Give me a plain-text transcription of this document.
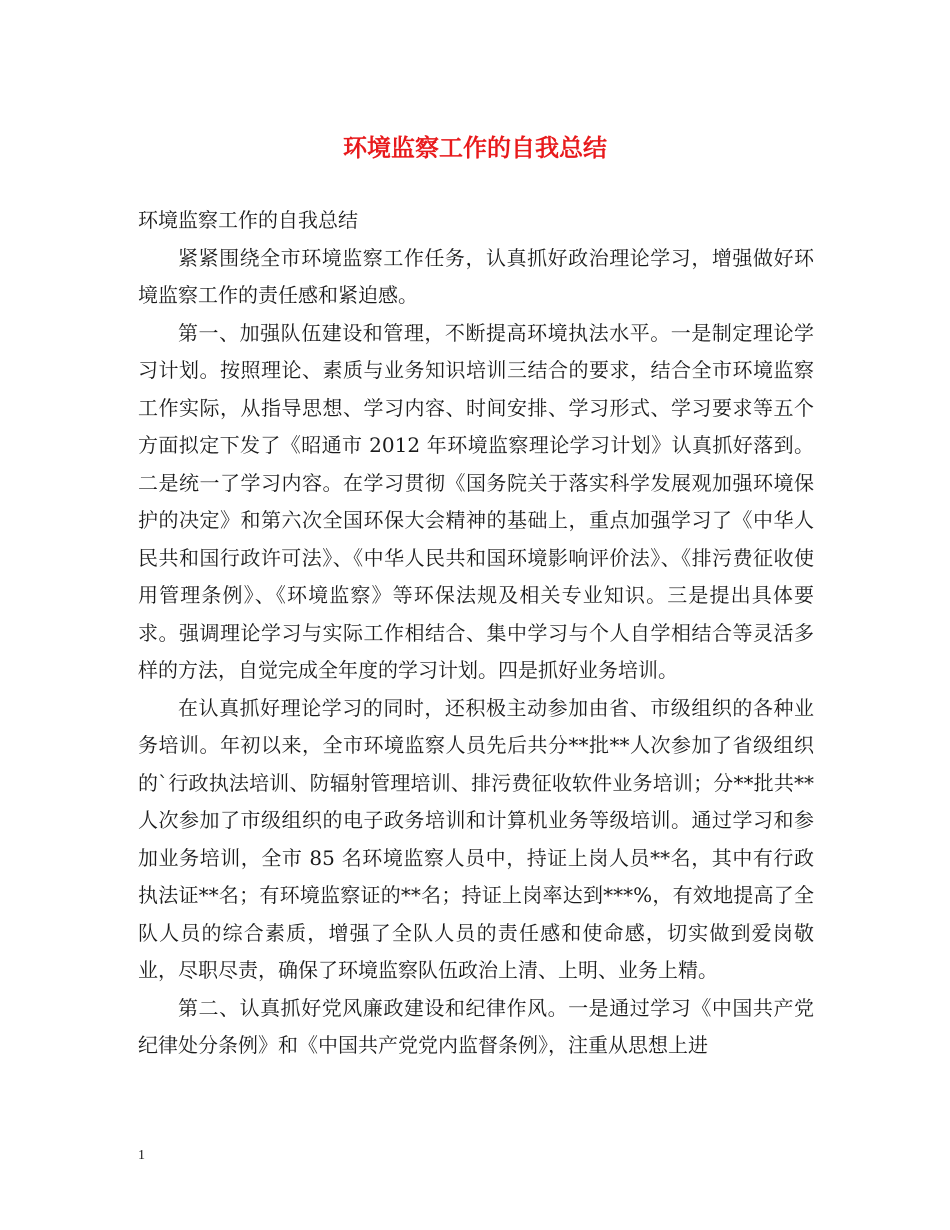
环境监察工作的自我总结

环境监察工作的自我总结

紧紧围绕全市环境监察工作任务，认真抓好政治理论学习，增强做好环境监察工作的责任感和紧迫感。

第一、加强队伍建设和管理，不断提高环境执法水平。一是制定理论学习计划。按照理论、素质与业务知识培训三结合的要求，结合全市环境监察工作实际，从指导思想、学习内容、时间安排、学习形式、学习要求等五个方面拟定下发了《昭通市 2012 年环境监察理论学习计划》认真抓好落到。二是统一了学习内容。在学习贯彻《国务院关于落实科学发展观加强环境保护的决定》和第六次全国环保大会精神的基础上，重点加强学习了《中华人民共和国行政许可法》、《中华人民共和国环境影响评价法》、《排污费征收使用管理条例》、《环境监察》等环保法规及相关专业知识。三是提出具体要求。强调理论学习与实际工作相结合、集中学习与个人自学相结合等灵活多样的方法，自觉完成全年度的学习计划。四是抓好业务培训。

在认真抓好理论学习的同时，还积极主动参加由省、市级组织的各种业务培训。年初以来，全市环境监察人员先后共分**批**人次参加了省级组织的`行政执法培训、防辐射管理培训、排污费征收软件业务培训；分**批共**人次参加了市级组织的电子政务培训和计算机业务等级培训。通过学习和参加业务培训，全市 85 名环境监察人员中，持证上岗人员**名，其中有行政执法证**名；有环境监察证的**名；持证上岗率达到***%，有效地提高了全队人员的综合素质，增强了全队人员的责任感和使命感，切实做到爱岗敬业，尽职尽责，确保了环境监察队伍政治上清、上明、业务上精。

第二、认真抓好党风廉政建设和纪律作风。一是通过学习《中国共产党纪律处分条例》和《中国共产党党内监督条例》，注重从思想上进

1
